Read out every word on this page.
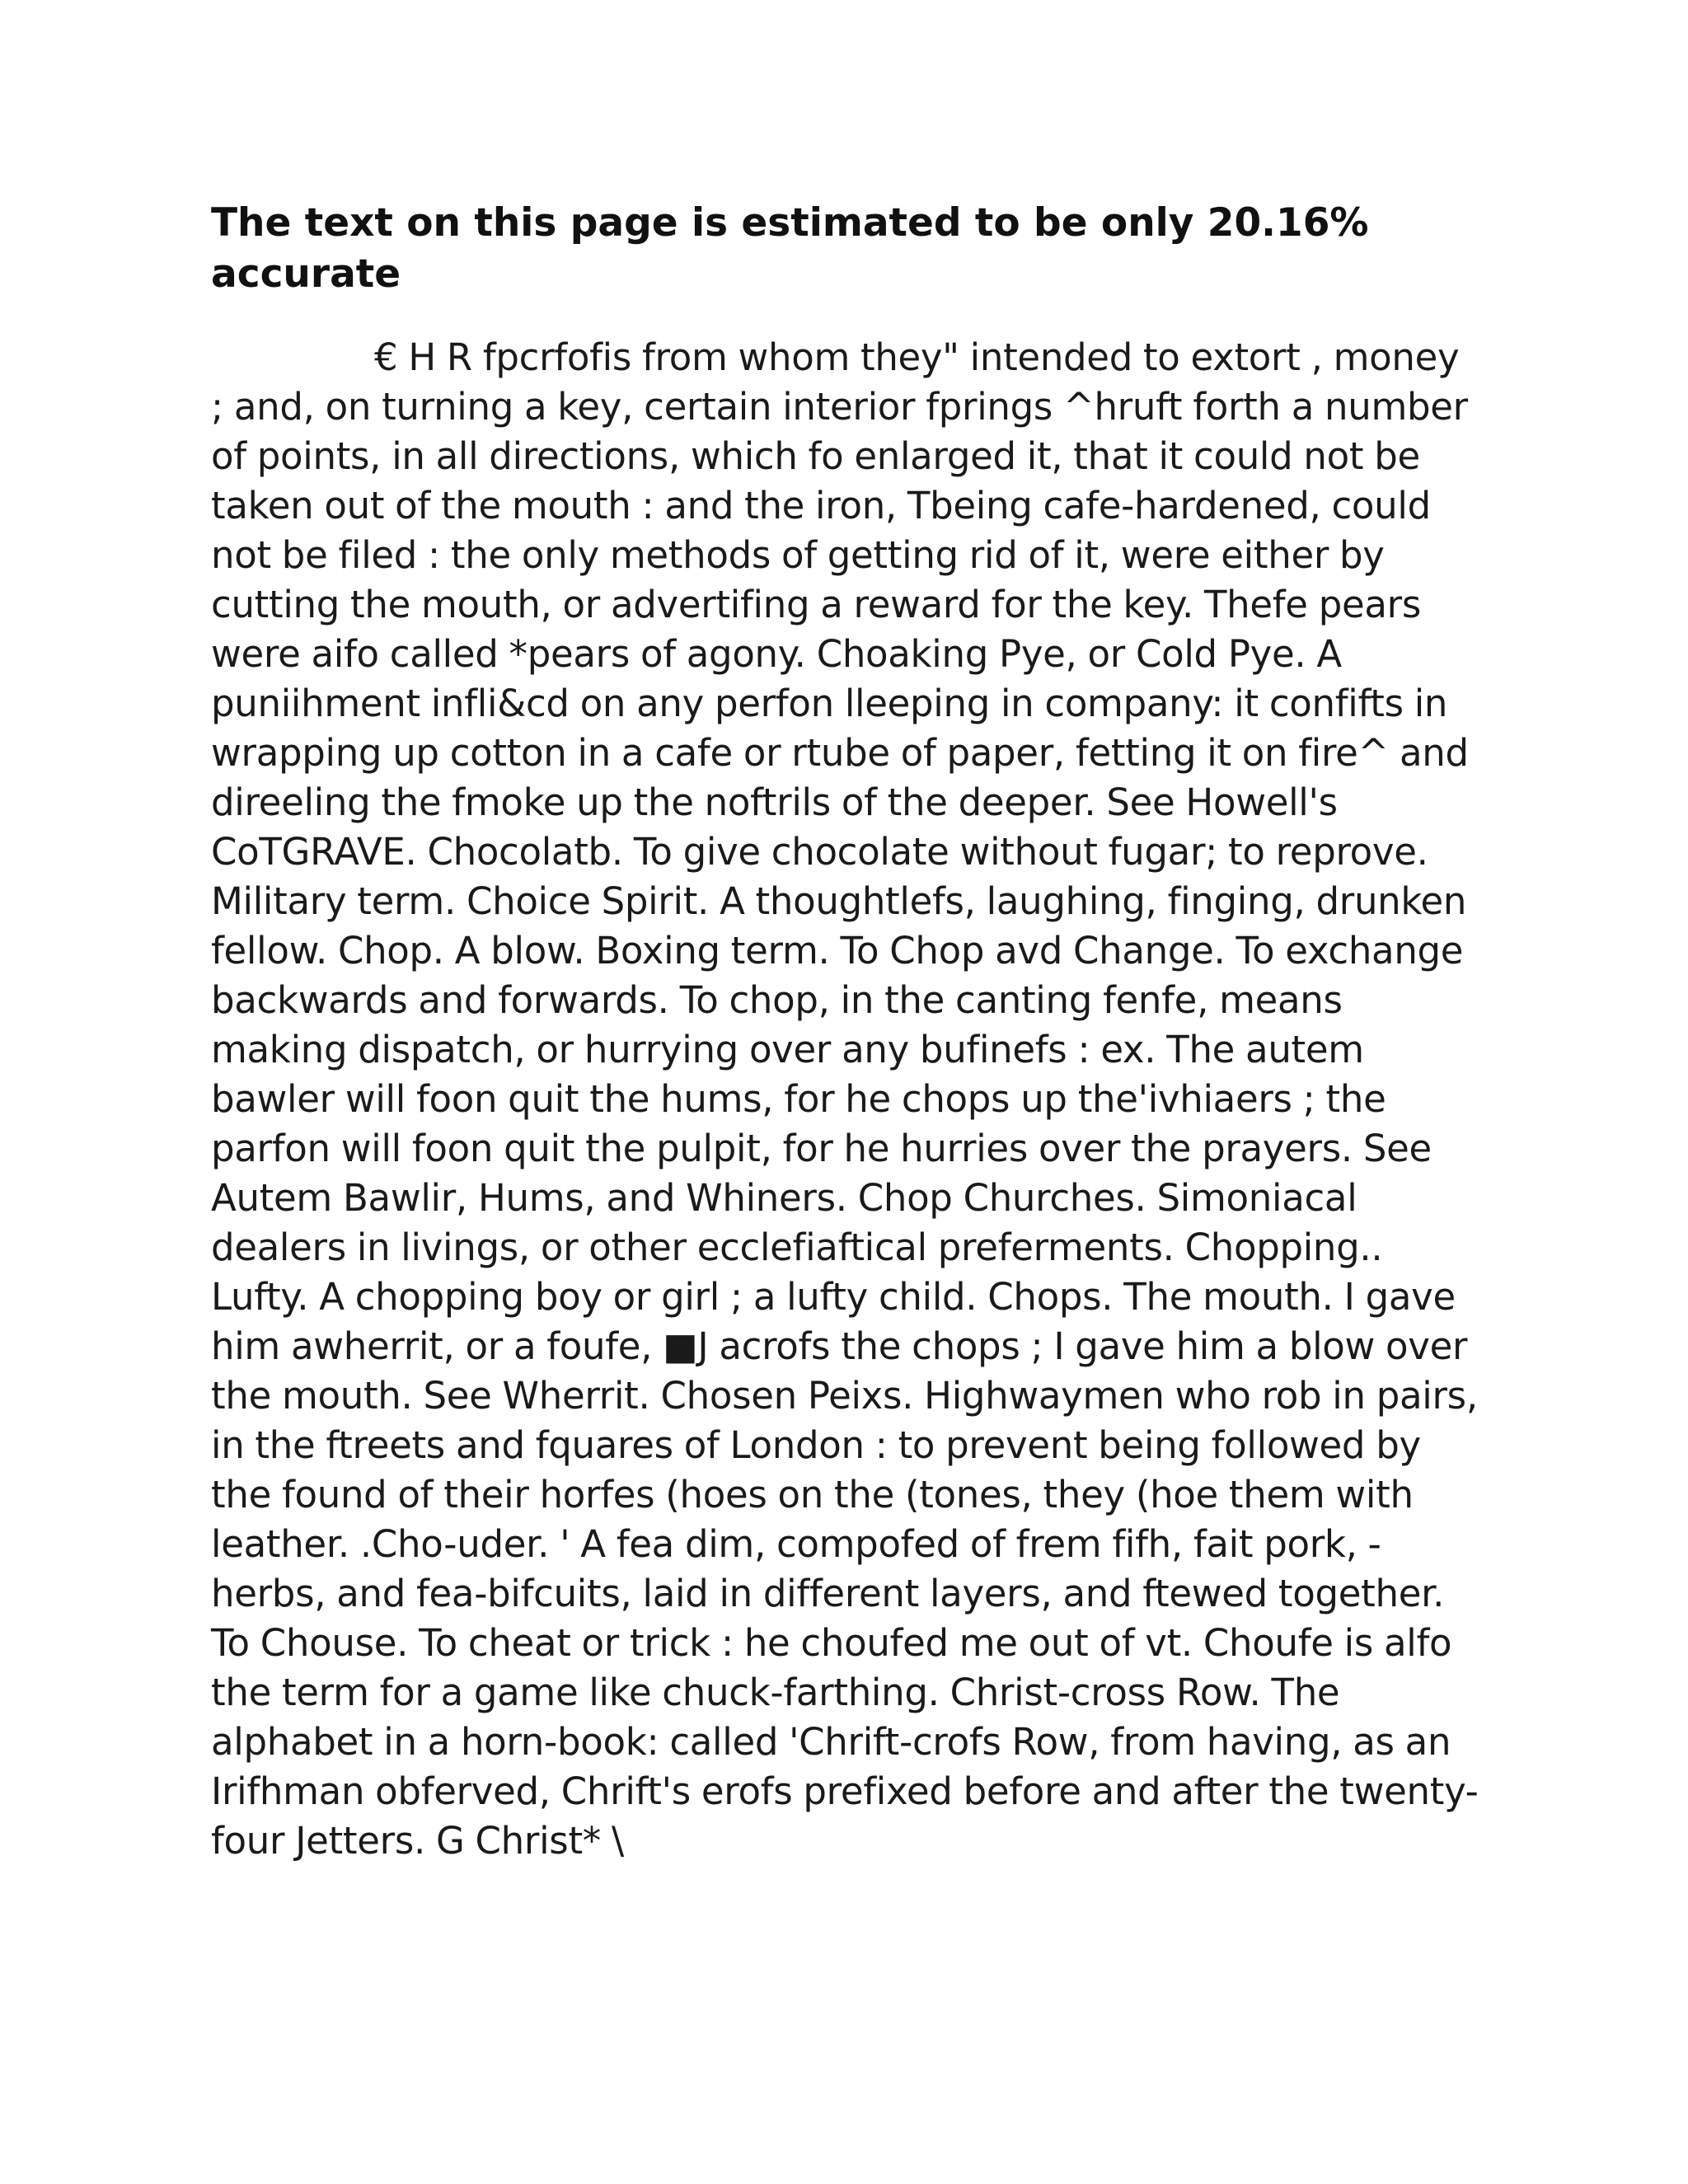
The text on this page is estimated to be only 20.16% accurate

€ H R fpcrfofis from whom they" intended to extort , money ; and, on turning a key, certain interior fprings ^hruft forth a number of points, in all directions, which fo enlarged it, that it could not be taken out of the mouth : and the iron, Tbeing cafe-hardened, could not be filed : the only methods of getting rid of it, were either by cutting the mouth, or advertifing a reward for the key. Thefe pears were aifo called *pears of agony. Choaking Pye, or Cold Pye. A puniihment infli&cd on any perfon lleeping in company: it confifts in wrapping up cotton in a cafe or rtube of paper, fetting it on fire^ and direeling the fmoke up the noftrils of the deeper. See Howell's CoTGRAVE. Chocolatb. To give chocolate without fugar; to reprove. Military term. Choice Spirit. A thoughtlefs, laughing, finging, drunken fellow. Chop. A blow. Boxing term. To Chop avd Change. To exchange backwards and forwards. To chop, in the canting fenfe, means making dispatch, or hurrying over any bufinefs : ex. The autem bawler will foon quit the hums, for he chops up the'ivhiaers ; the parfon will foon quit the pulpit, for he hurries over the prayers. See Autem Bawlir, Hums, and Whiners. Chop Churches. Simoniacal dealers in livings, or other ecclefiaftical preferments. Chopping.. Lufty. A chopping boy or girl ; a lufty child. Chops. The mouth. I gave him awherrit, or a foufe, ■J acrofs the chops ; I gave him a blow over the mouth. See Wherrit. Chosen Peixs. Highwaymen who rob in pairs, in the ftreets and fquares of London : to prevent being followed by the found of their horfes (hoes on the (tones, they (hoe them with leather. .Cho-uder. ' A fea dim, compofed of frem fifh, fait pork, -herbs, and fea-bifcuits, laid in different layers, and ftewed together. To Chouse. To cheat or trick : he choufed me out of vt. Choufe is alfo the term for a game like chuck-farthing. Christ-cross Row. The alphabet in a horn-book: called 'Chrift-crofs Row, from having, as an Irifhman obferved, Chrift's erofs prefixed before and after the twenty-four Jetters. G Christ* \
